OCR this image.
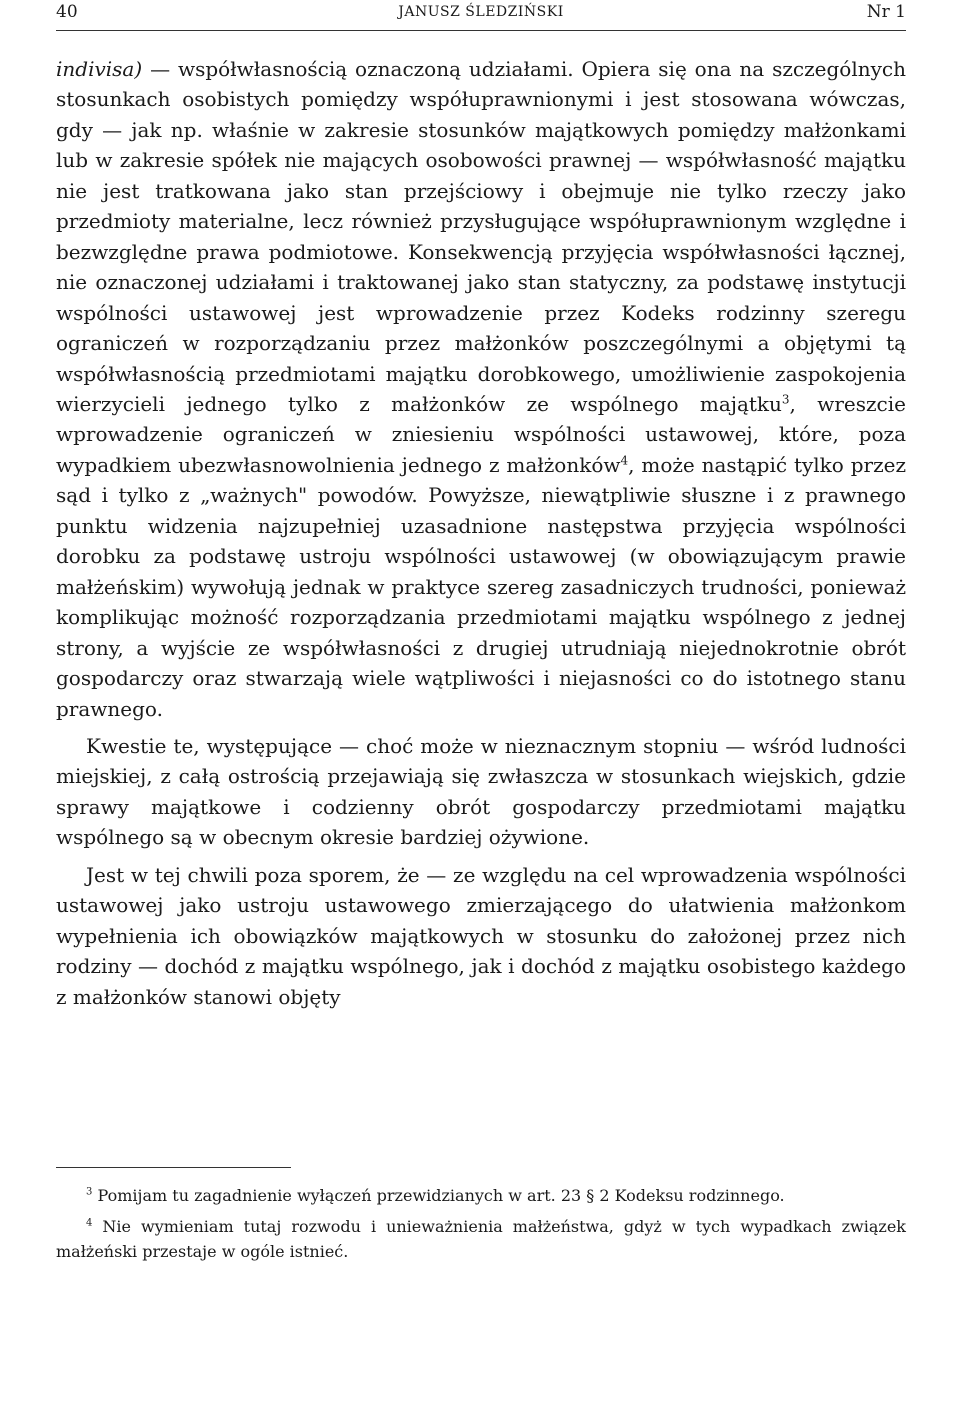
40	JANUSZ ŚLEDZIŃSKI	Nr 1

indivisa) — współwłasnością oznaczoną udziałami. Opiera się ona na szczególnych stosunkach osobistych pomiędzy współuprawnionymi i jest stosowana wówczas, gdy — jak np. właśnie w zakresie stosunków majątkowych pomiędzy małżonkami lub w zakresie spółek nie mających osobowości prawnej — współwłasność majątku nie jest tratkowana jako stan przejściowy i obejmuje nie tylko rzeczy jako przedmioty materialne, lecz również przysługujące współuprawnionym względne i bezwzględne prawa podmiotowe. Konsekwencją przyjęcia współwłasności łącznej, nie oznaczonej udziałami i traktowanej jako stan statyczny, za podstawę instytucji wspólności ustawowej jest wprowadzenie przez Kodeks rodzinny szeregu ograniczeń w rozporządzaniu przez małżonków poszczególnymi a objętymi tą współwłasnością przedmiotami majątku dorobkowego, umożliwienie zaspokojenia wierzycieli jednego tylko z małżonków ze wspólnego majątku$^3$, wreszcie wprowadzenie ograniczeń w zniesieniu wspólności ustawowej, które, poza wypadkiem ubezwłasnowolnienia jednego z małżonków$^4$, może nastąpić tylko przez sąd i tylko z „ważnych" powodów. Powyższe, niewątpliwie słuszne i z prawnego punktu widzenia najzupełniej uzasadnione następstwa przyjęcia wspólności dorobku za podstawę ustroju wspólności ustawowej (w obowiązującym prawie małżeńskim) wywołują jednak w praktyce szereg zasadniczych trudności, ponieważ komplikując możność rozporządzania przedmiotami majątku wspólnego z jednej strony, a wyjście ze współwłasności z drugiej utrudniają niejednokrotnie obrót gospodarczy oraz stwarzają wiele wątpliwości i niejasności co do istotnego stanu prawnego.

Kwestie te, występujące — choć może w nieznacznym stopniu — wśród ludności miejskiej, z całą ostrością przejawiają się zwłaszcza w stosunkach wiejskich, gdzie sprawy majątkowe i codzienny obrót gospodarczy przedmiotami majątku wspólnego są w obecnym okresie bardziej ożywione.

Jest w tej chwili poza sporem, że — ze względu na cel wprowadzenia wspólności ustawowej jako ustroju ustawowego zmierzającego do ułatwienia małżonkom wypełnienia ich obowiązków majątkowych w stosunku do założonej przez nich rodziny — dochód z majątku wspólnego, jak i dochód z majątku osobistego każdego z małżonków stanowi objęty

$^3$ Pomijam tu zagadnienie wyłączeń przewidzianych w art. 23 § 2 Kodeksu rodzinnego.

$^4$ Nie wymieniam tutaj rozwodu i unieważnienia małżeństwa, gdyż w tych wypadkach związek małżeński przestaje w ogóle istnieć.
